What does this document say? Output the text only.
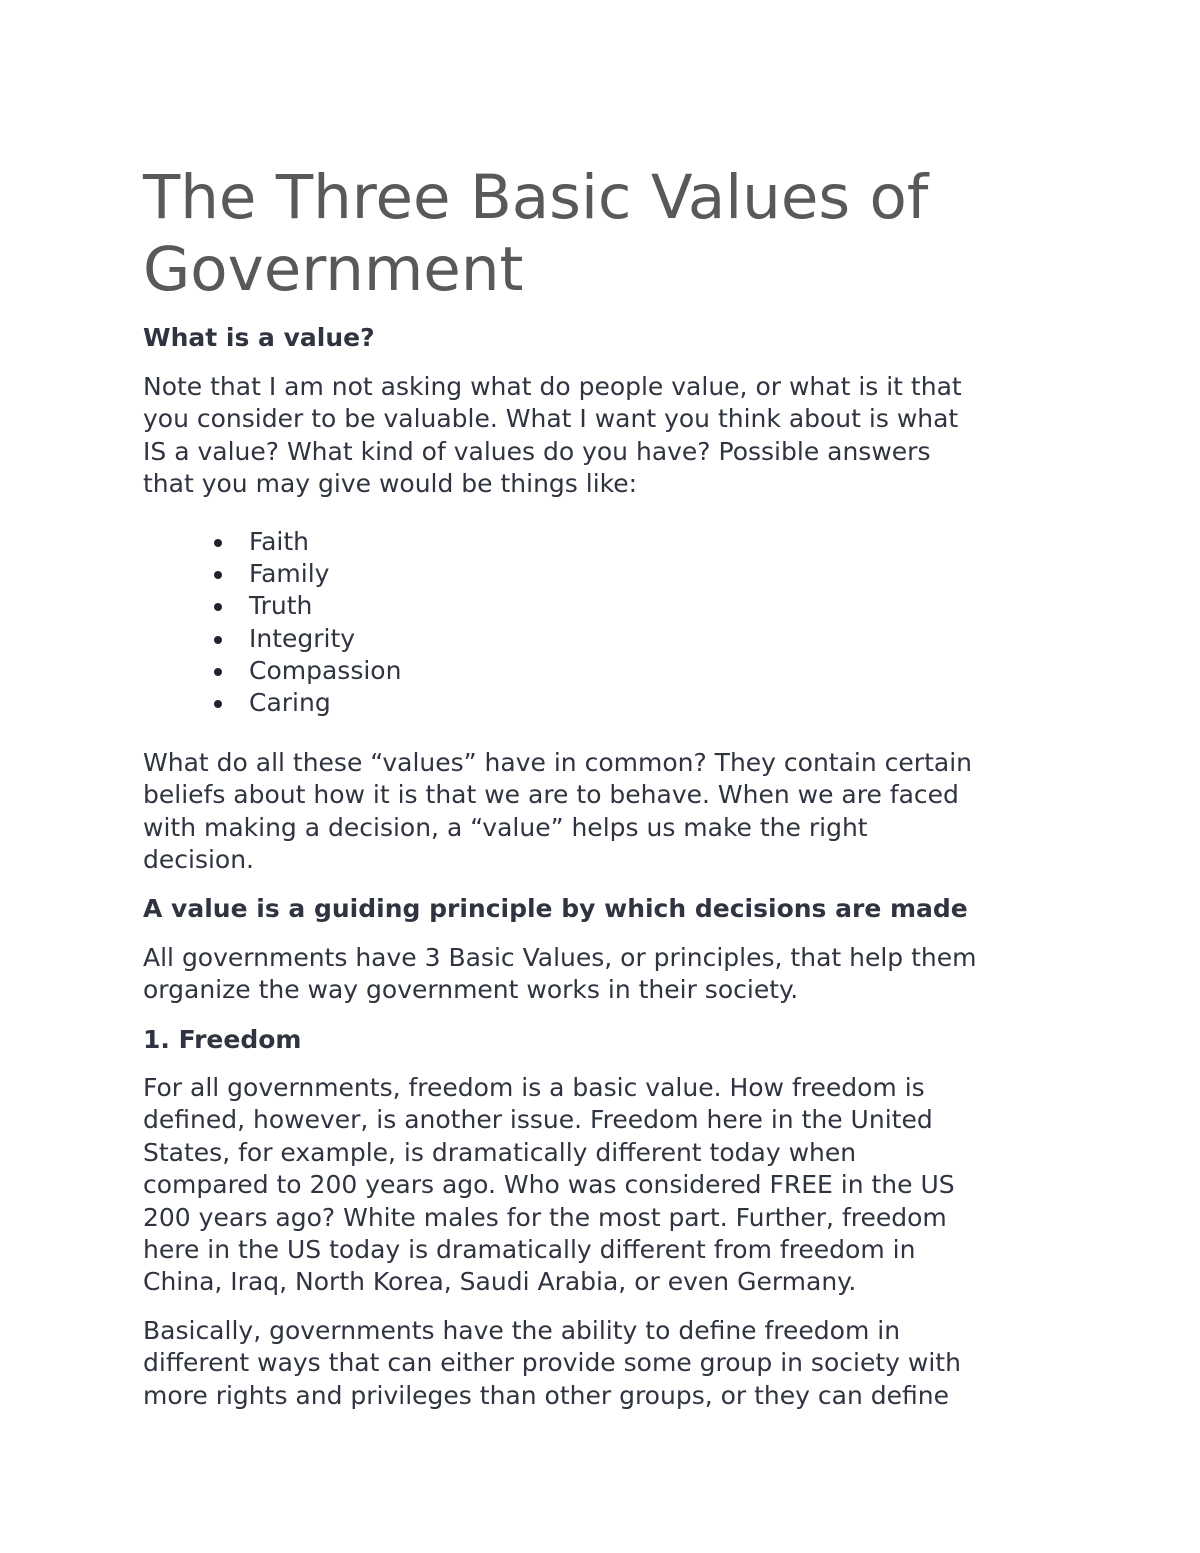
The Three Basic Values of
Government

What is a value?

Note that I am not asking what do people value, or what is it that
you consider to be valuable. What I want you think about is what
IS a value? What kind of values do you have? Possible answers
that you may give would be things like:

Faith
Family
Truth
Integrity
Compassion
Caring

What do all these “values” have in common? They contain certain
beliefs about how it is that we are to behave. When we are faced
with making a decision, a “value” helps us make the right
decision.

A value is a guiding principle by which decisions are made

All governments have 3 Basic Values, or principles, that help them
organize the way government works in their society.

1. Freedom

For all governments, freedom is a basic value. How freedom is
defined, however, is another issue. Freedom here in the United
States, for example, is dramatically different today when
compared to 200 years ago. Who was considered FREE in the US
200 years ago? White males for the most part. Further, freedom
here in the US today is dramatically different from freedom in
China, Iraq, North Korea, Saudi Arabia, or even Germany.

Basically, governments have the ability to define freedom in
different ways that can either provide some group in society with
more rights and privileges than other groups, or they can define
